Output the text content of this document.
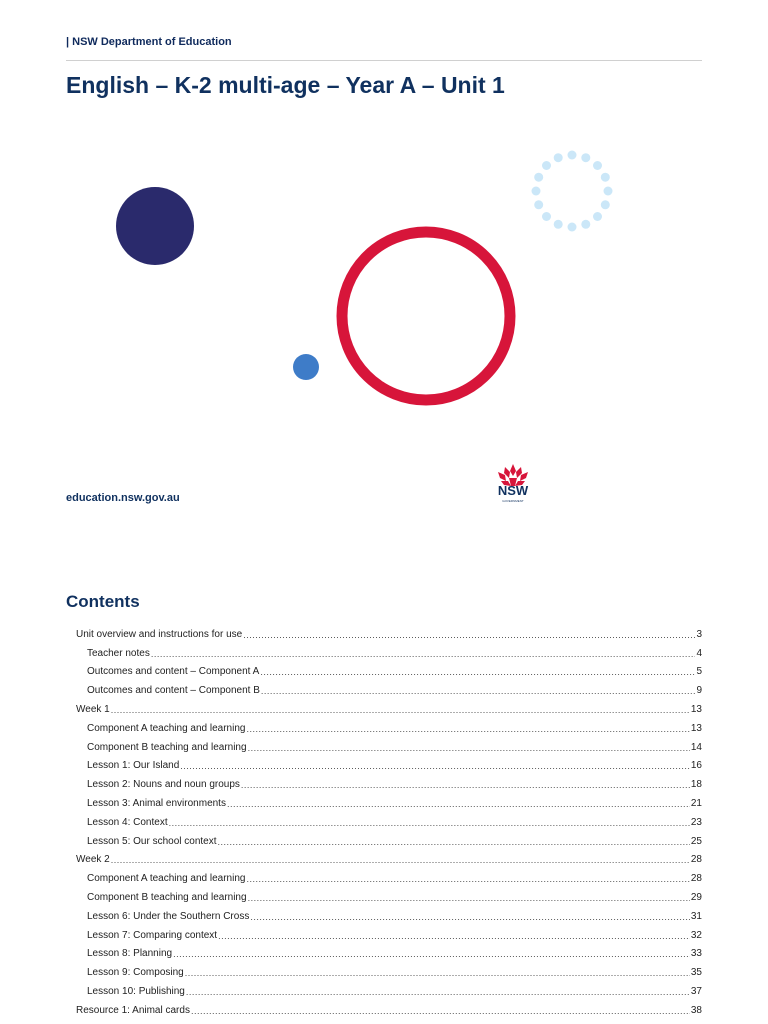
| NSW Department of Education
English – K-2 multi-age – Year A – Unit 1
education.nsw.gov.au	NSW
GOVERNMENT
Contents
Unit overview and instructions for use .....	3
Teacher notes .....	4
Outcomes and content – Component A .....	5
Outcomes and content – Component B .....	9
Week 1 .....	13
Component A teaching and learning .....	13
Component B teaching and learning .....	14
Lesson 1: Our Island .....	16
Lesson 2: Nouns and noun groups .....	18
Lesson 3: Animal environments .....	21
Lesson 4: Context .....	23
Lesson 5: Our school context .....	25
Week 2 .....	28
Component A teaching and learning .....	28
Component B teaching and learning .....	29
Lesson 6: Under the Southern Cross .....	31
Lesson 7: Comparing context .....	32
Lesson 8: Planning .....	33
Lesson 9: Composing .....	35
Lesson 10: Publishing .....	37
Resource 1: Animal cards .....	38
